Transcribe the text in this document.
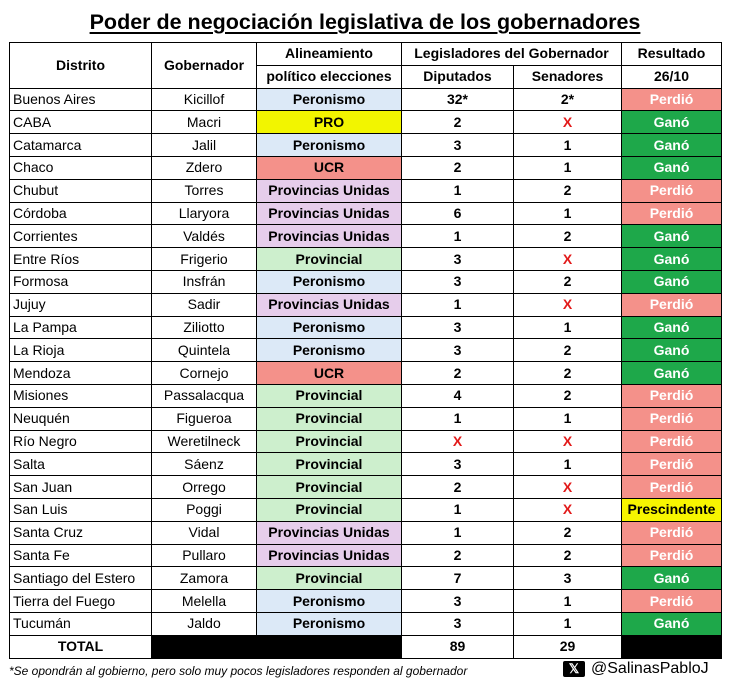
Poder de negociación legislativa de los gobernadores
Distrito	Gobernador	Alineamiento	Legisladores del Gobernador		Resultado
		político elecciones	Diputados	Senadores	26/10
Buenos Aires	Kicillof	Peronismo	32*	2*	Perdió
CABA	Macri	PRO	2	X	Ganó
Catamarca	Jalil	Peronismo	3	1	Ganó
Chaco	Zdero	UCR	2	1	Ganó
Chubut	Torres	Provincias Unidas	1	2	Perdió
Córdoba	Llaryora	Provincias Unidas	6	1	Perdió
Corrientes	Valdés	Provincias Unidas	1	2	Ganó
Entre Ríos	Frigerio	Provincial	3	X	Ganó
Formosa	Insfrán	Peronismo	3	2	Ganó
Jujuy	Sadir	Provincias Unidas	1	X	Perdió
La Pampa	Ziliotto	Peronismo	3	1	Ganó
La Rioja	Quintela	Peronismo	3	2	Ganó
Mendoza	Cornejo	UCR	2	2	Ganó
Misiones	Passalacqua	Provincial	4	2	Perdió
Neuquén	Figueroa	Provincial	1	1	Perdió
Río Negro	Weretilneck	Provincial	X	X	Perdió
Salta	Sáenz	Provincial	3	1	Perdió
San Juan	Orrego	Provincial	2	X	Perdió
San Luis	Poggi	Provincial	1	X	Prescindente
Santa Cruz	Vidal	Provincias Unidas	1	2	Perdió
Santa Fe	Pullaro	Provincias Unidas	2	2	Perdió
Santiago del Estero	Zamora	Provincial	7	3	Ganó
Tierra del Fuego	Melella	Peronismo	3	1	Perdió
Tucumán	Jaldo	Peronismo	3	1	Ganó
TOTAL			89	29	
*Se opondrán al gobierno, pero solo muy pocos legisladores responden al gobernador	𝕏 @SalinasPabloJ
